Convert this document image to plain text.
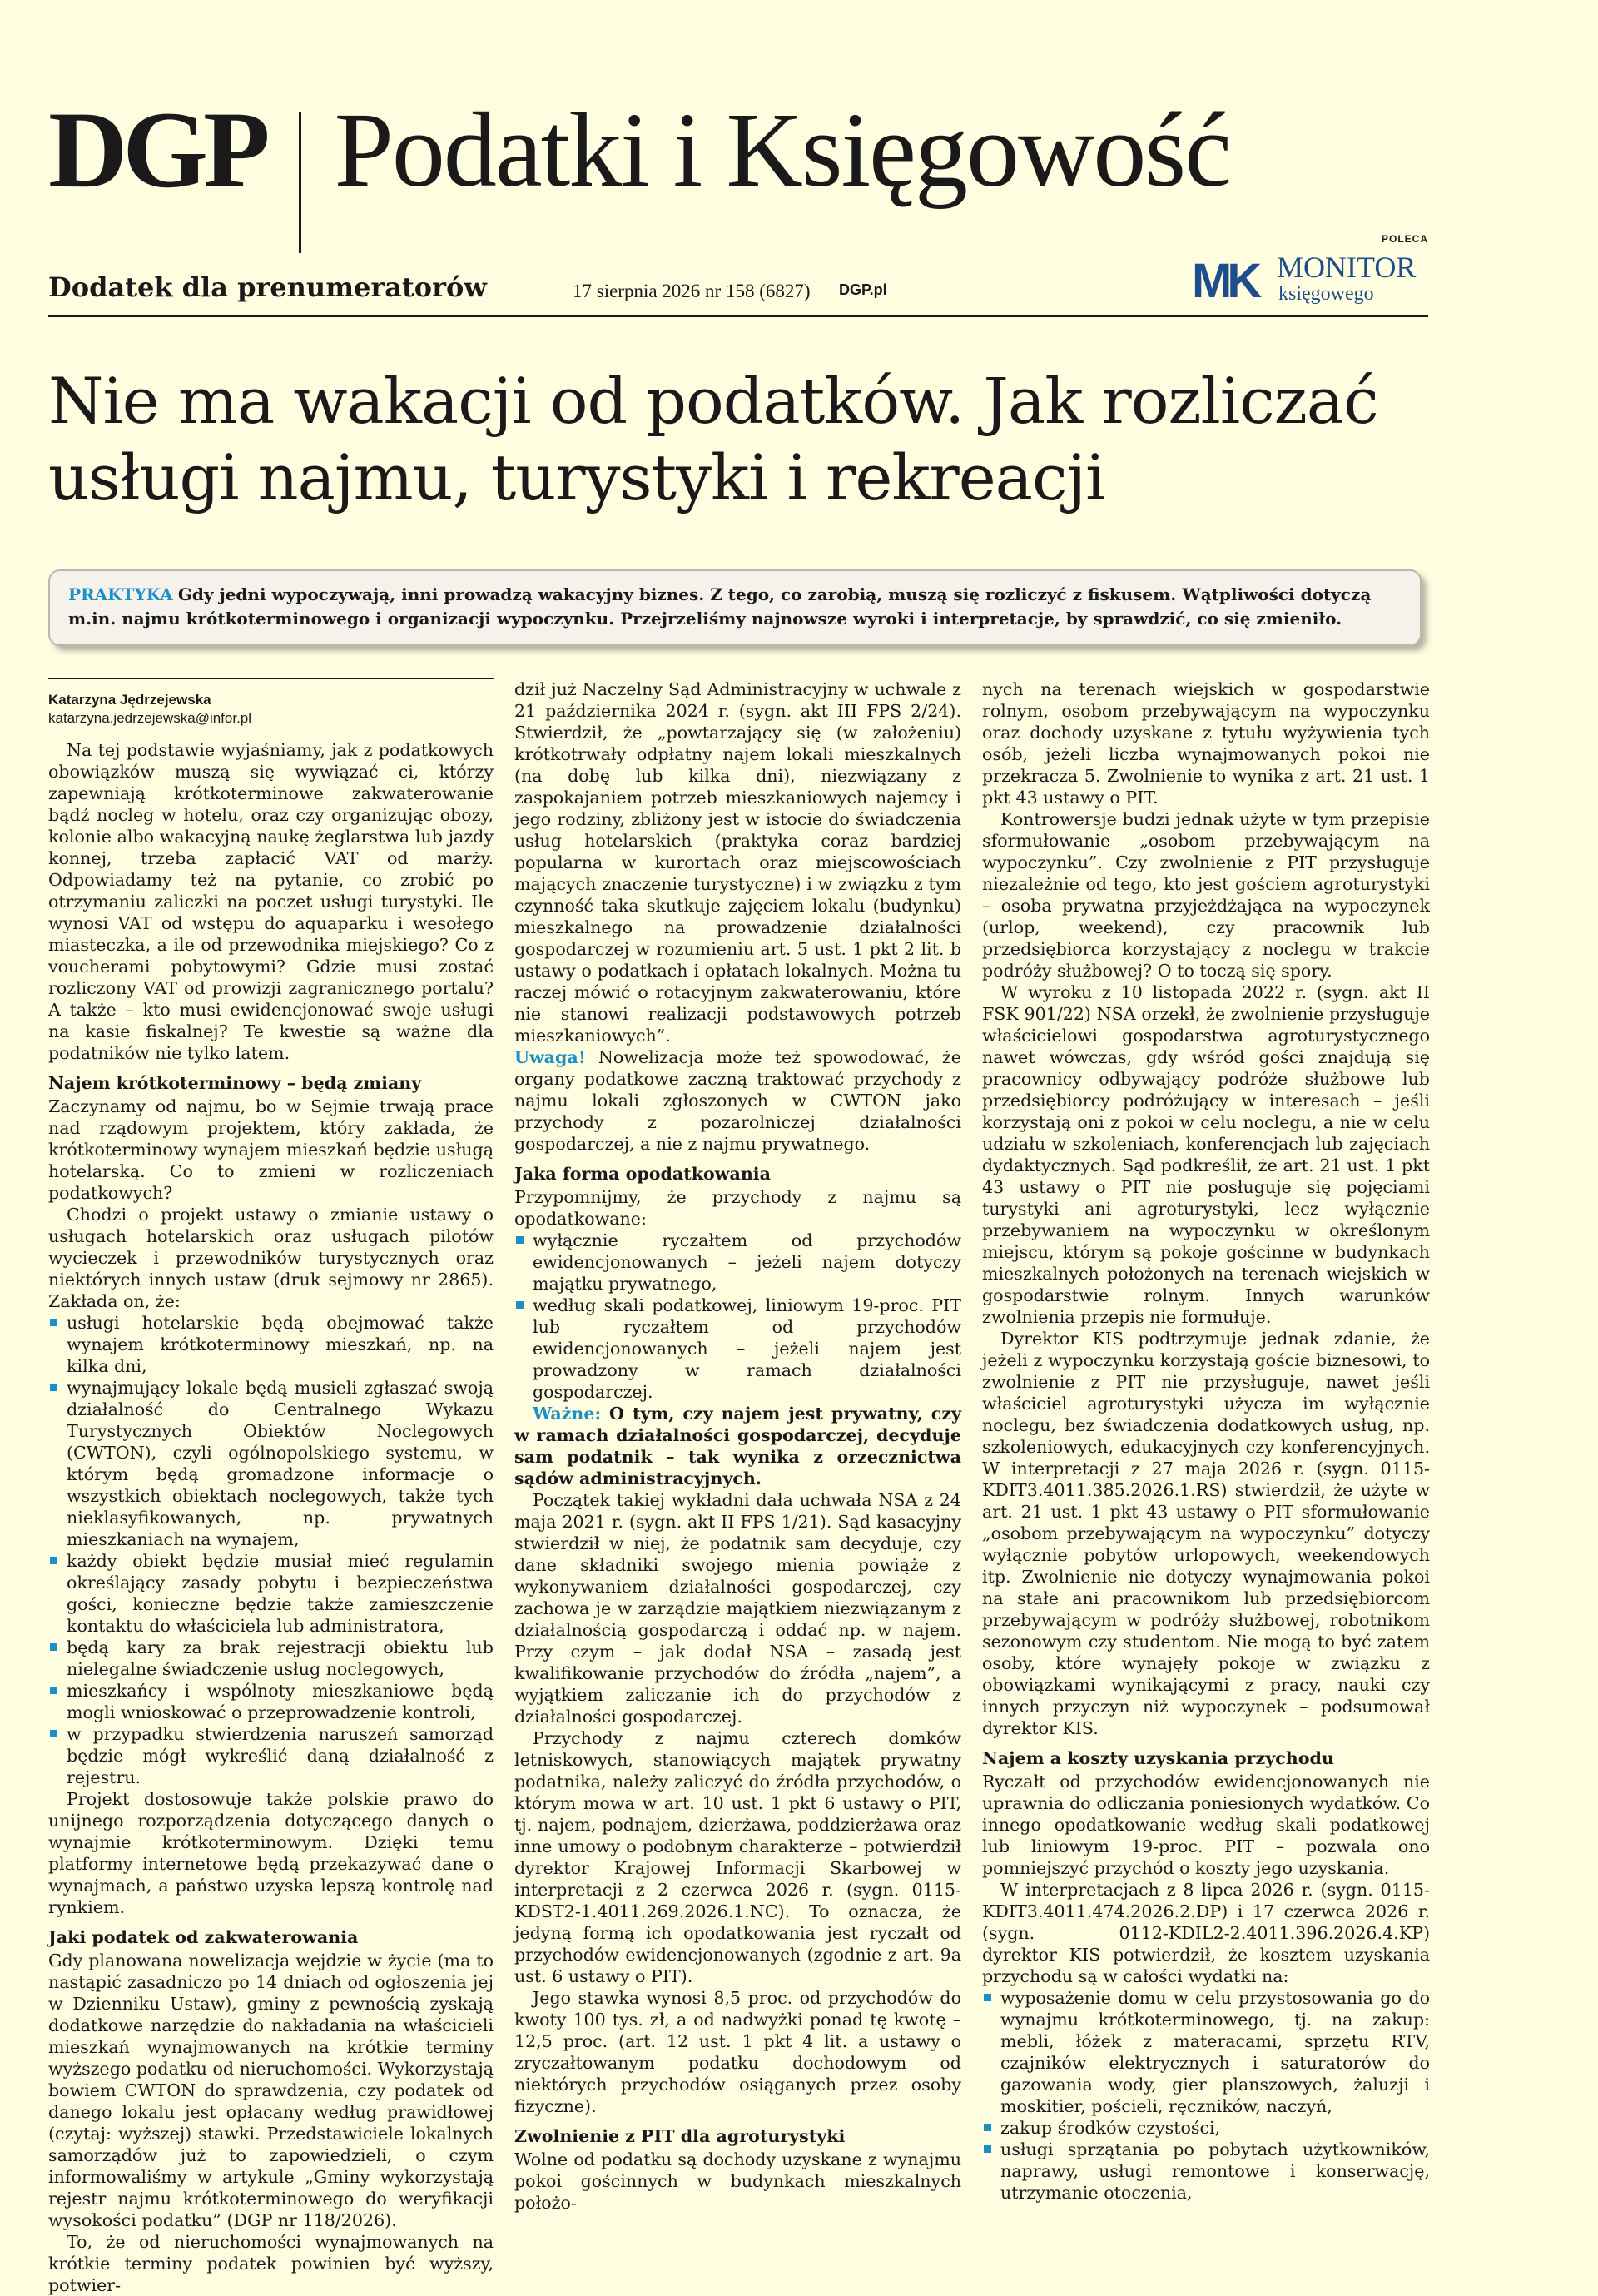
DGP Podatki i Księgowość
Dodatek dla prenumeratorów	17 sierpnia 2026 nr 158 (6827) DGP.pl
POLECA
MK MONITOR
księgowego
Nie ma wakacji od podatków. Jak rozliczać usługi najmu, turystyki i rekreacji
PRAKTYKA Gdy jedni wypoczywają, inni prowadzą wakacyjny biznes. Z tego, co zarobią, muszą się rozliczyć z fiskusem. Wątpliwości dotyczą m.in. najmu krótkoterminowego i organizacji wypoczynku. Przejrzeliśmy najnowsze wyroki i interpretacje, by sprawdzić, co się zmieniło.
Katarzyna Jędrzejewska
katarzyna.jedrzejewska@infor.pl

Na tej podstawie wyjaśniamy, jak z podatkowych obowiązków muszą się wywiązać ci, którzy zapewniają krótkoterminowe zakwaterowanie bądź nocleg w hotelu, oraz czy organizując obozy, kolonie albo wakacyjną naukę żeglarstwa lub jazdy konnej, trzeba zapłacić VAT od marży. Odpowiadamy też na pytanie, co zrobić po otrzymaniu zaliczki na poczet usługi turystyki. Ile wynosi VAT od wstępu do aquaparku i wesołego miasteczka, a ile od przewodnika miejskiego? Co z voucherami pobytowymi? Gdzie musi zostać rozliczony VAT od prowizji zagranicznego portalu? A także – kto musi ewidencjonować swoje usługi na kasie fiskalnej? Te kwestie są ważne dla podatników nie tylko latem.

Najem krótkoterminowy – będą zmiany

Zaczynamy od najmu, bo w Sejmie trwają prace nad rządowym projektem, który zakłada, że krótkoterminowy wynajem mieszkań będzie usługą hotelarską. Co to zmieni w rozliczeniach podatkowych?

Chodzi o projekt ustawy o zmianie ustawy o usługach hotelarskich oraz usługach pilotów wycieczek i przewodników turystycznych oraz niektórych innych ustaw (druk sejmowy nr 2865). Zakłada on, że:

usługi hotelarskie będą obejmować także wynajem krótkoterminowy mieszkań, np. na kilka dni,
wynajmujący lokale będą musieli zgłaszać swoją działalność do Centralnego Wykazu Turystycznych Obiektów Noclegowych (CWTON), czyli ogólnopolskiego systemu, w którym będą gromadzone informacje o wszystkich obiektach noclegowych, także tych nieklasyfikowanych, np. prywatnych mieszkaniach na wynajem,
każdy obiekt będzie musiał mieć regulamin określający zasady pobytu i bezpieczeństwa gości, konieczne będzie także zamieszczenie kontaktu do właściciela lub administratora,
będą kary za brak rejestracji obiektu lub nielegalne świadczenie usług noclegowych,
mieszkańcy i wspólnoty mieszkaniowe będą mogli wnioskować o przeprowadzenie kontroli,
w przypadku stwierdzenia naruszeń samorząd będzie mógł wykreślić daną działalność z rejestru.

Projekt dostosowuje także polskie prawo do unijnego rozporządzenia dotyczącego danych o wynajmie krótkoterminowym. Dzięki temu platformy internetowe będą przekazywać dane o wynajmach, a państwo uzyska lepszą kontrolę nad rynkiem.

Jaki podatek od zakwaterowania

Gdy planowana nowelizacja wejdzie w życie (ma to nastąpić zasadniczo po 14 dniach od ogłoszenia jej w Dzienniku Ustaw), gminy z pewnością zyskają dodatkowe narzędzie do nakładania na właścicieli mieszkań wynajmowanych na krótkie terminy wyższego podatku od nieruchomości. Wykorzystają bowiem CWTON do sprawdzenia, czy podatek od danego lokalu jest opłacany według prawidłowej (czytaj: wyższej) stawki. Przedstawiciele lokalnych samorządów już to zapowiedzieli, o czym informowaliśmy w artykule „Gminy wykorzystają rejestr najmu krótkoterminowego do weryfikacji wysokości podatku” (DGP nr 118/2026).

To, że od nieruchomości wynajmowanych na krótkie terminy podatek powinien być wyższy, potwier-

dził już Naczelny Sąd Administracyjny w uchwale z 21 października 2024 r. (sygn. akt III FPS 2/24). Stwierdził, że „powtarzający się (w założeniu) krótkotrwały odpłatny najem lokali mieszkalnych (na dobę lub kilka dni), niezwiązany z zaspokajaniem potrzeb mieszkaniowych najemcy i jego rodziny, zbliżony jest w istocie do świadczenia usług hotelarskich (praktyka coraz bardziej popularna w kurortach oraz miejscowościach mających znaczenie turystyczne) i w związku z tym czynność taka skutkuje zajęciem lokalu (budynku) mieszkalnego na prowadzenie działalności gospodarczej w rozumieniu art. 5 ust. 1 pkt 2 lit. b ustawy o podatkach i opłatach lokalnych. Można tu raczej mówić o rotacyjnym zakwaterowaniu, które nie stanowi realizacji podstawowych potrzeb mieszkaniowych”.

Uwaga! Nowelizacja może też spowodować, że organy podatkowe zaczną traktować przychody z najmu lokali zgłoszonych w CWTON jako przychody z pozarolniczej działalności gospodarczej, a nie z najmu prywatnego.

Jaka forma opodatkowania

Przypomnijmy, że przychody z najmu są opodatkowane:

wyłącznie ryczałtem od przychodów ewidencjonowanych – jeżeli najem dotyczy majątku prywatnego,
według skali podatkowej, liniowym 19-proc. PIT lub ryczałtem od przychodów ewidencjonowanych – jeżeli najem jest prowadzony w ramach działalności gospodarczej.

Ważne: O tym, czy najem jest prywatny, czy w ramach działalności gospodarczej, decyduje sam podatnik – tak wynika z orzecznictwa sądów administracyjnych.

Początek takiej wykładni dała uchwała NSA z 24 maja 2021 r. (sygn. akt II FPS 1/21). Sąd kasacyjny stwierdził w niej, że podatnik sam decyduje, czy dane składniki swojego mienia powiąże z wykonywaniem działalności gospodarczej, czy zachowa je w zarządzie majątkiem niezwiązanym z działalnością gospodarczą i oddać np. w najem. Przy czym – jak dodał NSA – zasadą jest kwalifikowanie przychodów do źródła „najem”, a wyjątkiem zaliczanie ich do przychodów z działalności gospodarczej.

Przychody z najmu czterech domków letniskowych, stanowiących majątek prywatny podatnika, należy zaliczyć do źródła przychodów, o którym mowa w art. 10 ust. 1 pkt 6 ustawy o PIT, tj. najem, podnajem, dzierżawa, poddzierżawa oraz inne umowy o podobnym charakterze – potwierdził dyrektor Krajowej Informacji Skarbowej w interpretacji z 2 czerwca 2026 r. (sygn. 0115-KDST2-1.4011.269.2026.1.NC). To oznacza, że jedyną formą ich opodatkowania jest ryczałt od przychodów ewidencjonowanych (zgodnie z art. 9a ust. 6 ustawy o PIT).

Jego stawka wynosi 8,5 proc. od przychodów do kwoty 100 tys. zł, a od nadwyżki ponad tę kwotę – 12,5 proc. (art. 12 ust. 1 pkt 4 lit. a ustawy o zryczałtowanym podatku dochodowym od niektórych przychodów osiąganych przez osoby fizyczne).

Zwolnienie z PIT dla agroturystyki

Wolne od podatku są dochody uzyskane z wynajmu pokoi gościnnych w budynkach mieszkalnych położo-

nych na terenach wiejskich w gospodarstwie rolnym, osobom przebywającym na wypoczynku oraz dochody uzyskane z tytułu wyżywienia tych osób, jeżeli liczba wynajmowanych pokoi nie przekracza 5. Zwolnienie to wynika z art. 21 ust. 1 pkt 43 ustawy o PIT.

Kontrowersje budzi jednak użyte w tym przepisie sformułowanie „osobom przebywającym na wypoczynku”. Czy zwolnienie z PIT przysługuje niezależnie od tego, kto jest gościem agroturystyki – osoba prywatna przyjeżdżająca na wypoczynek (urlop, weekend), czy pracownik lub przedsiębiorca korzystający z noclegu w trakcie podróży służbowej? O to toczą się spory.

W wyroku z 10 listopada 2022 r. (sygn. akt II FSK 901/22) NSA orzekł, że zwolnienie przysługuje właścicielowi gospodarstwa agroturystycznego nawet wówczas, gdy wśród gości znajdują się pracownicy odbywający podróże służbowe lub przedsiębiorcy podróżujący w interesach – jeśli korzystają oni z pokoi w celu noclegu, a nie w celu udziału w szkoleniach, konferencjach lub zajęciach dydaktycznych. Sąd podkreślił, że art. 21 ust. 1 pkt 43 ustawy o PIT nie posługuje się pojęciami turystyki ani agroturystyki, lecz wyłącznie przebywaniem na wypoczynku w określonym miejscu, którym są pokoje gościnne w budynkach mieszkalnych położonych na terenach wiejskich w gospodarstwie rolnym. Innych warunków zwolnienia przepis nie formułuje.

Dyrektor KIS podtrzymuje jednak zdanie, że jeżeli z wypoczynku korzystają goście biznesowi, to zwolnienie z PIT nie przysługuje, nawet jeśli właściciel agroturystyki użycza im wyłącznie noclegu, bez świadczenia dodatkowych usług, np. szkoleniowych, edukacyjnych czy konferencyjnych. W interpretacji z 27 maja 2026 r. (sygn. 0115-KDIT3.4011.385.2026.1.RS) stwierdził, że użyte w art. 21 ust. 1 pkt 43 ustawy o PIT sformułowanie „osobom przebywającym na wypoczynku” dotyczy wyłącznie pobytów urlopowych, weekendowych itp. Zwolnienie nie dotyczy wynajmowania pokoi na stałe ani pracownikom lub przedsiębiorcom przebywającym w podróży służbowej, robotnikom sezonowym czy studentom. Nie mogą to być zatem osoby, które wynajęły pokoje w związku z obowiązkami wynikającymi z pracy, nauki czy innych przyczyn niż wypoczynek – podsumował dyrektor KIS.

Najem a koszty uzyskania przychodu

Ryczałt od przychodów ewidencjonowanych nie uprawnia do odliczania poniesionych wydatków. Co innego opodatkowanie według skali podatkowej lub liniowym 19-proc. PIT – pozwala ono pomniejszyć przychód o koszty jego uzyskania.

W interpretacjach z 8 lipca 2026 r. (sygn. 0115-KDIT3.4011.474.2026.2.DP) i 17 czerwca 2026 r. (sygn. 0112-KDIL2-2.4011.396.2026.4.KP) dyrektor KIS potwierdził, że kosztem uzyskania przychodu są w całości wydatki na:

wyposażenie domu w celu przystosowania go do wynajmu krótkoterminowego, tj. na zakup: mebli, łóżek z materacami, sprzętu RTV, czajników elektrycznych i saturatorów do gazowania wody, gier planszowych, żaluzji i moskitier, pościeli, ręczników, naczyń,
zakup środków czystości,
usługi sprzątania po pobytach użytkowników, naprawy, usługi remontowe i konserwację, utrzymanie otoczenia,
